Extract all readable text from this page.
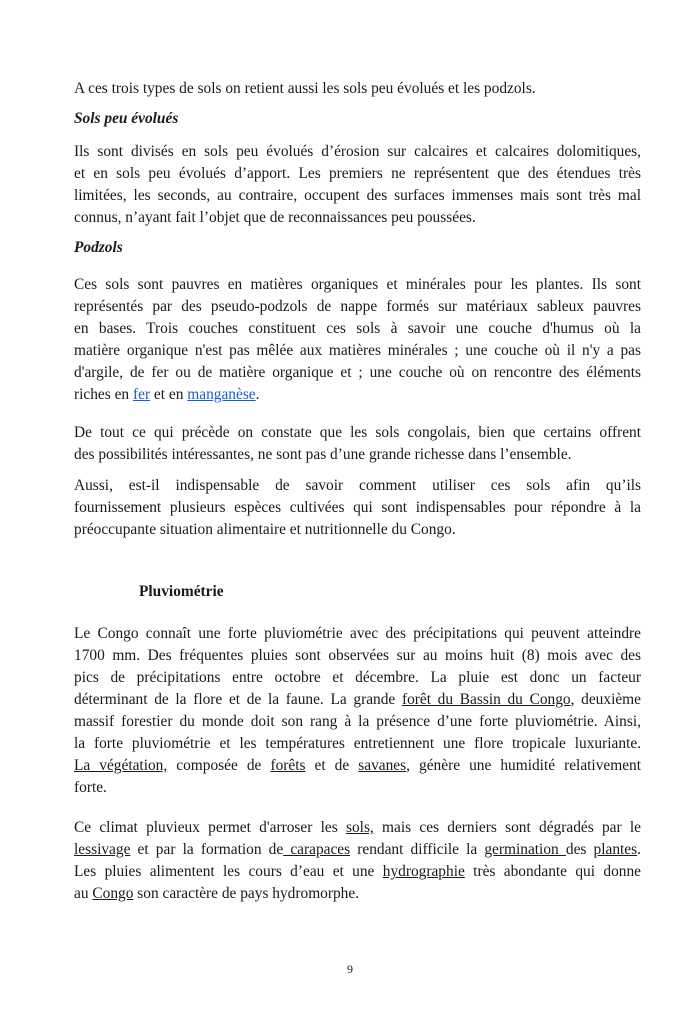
A ces trois types de sols on retient aussi les sols peu évolués et les podzols.

Sols peu évolués

Ils sont divisés en sols peu évolués d’érosion sur calcaires et calcaires dolomitiques,
et en sols peu évolués d’apport. Les premiers ne représentent que des étendues très
limitées, les seconds, au contraire, occupent des surfaces immenses mais sont très mal
connus, n’ayant fait l’objet que de reconnaissances peu poussées.

Podzols

Ces sols sont pauvres en matières organiques et minérales pour les plantes. Ils sont
représentés par des pseudo-podzols de nappe formés sur matériaux sableux pauvres
en bases. Trois couches constituent ces sols à savoir une couche d'humus où la
matière organique n'est pas mêlée aux matières minérales ; une couche où il n'y a pas
d'argile, de fer ou de matière organique et ; une couche où on rencontre des éléments
riches en fer et en manganèse.

De tout ce qui précède on constate que les sols congolais, bien que certains offrent
des possibilités intéressantes, ne sont pas d’une grande richesse dans l’ensemble.

Aussi, est-il indispensable de savoir comment utiliser ces sols afin qu’ils
fournissement plusieurs espèces cultivées qui sont indispensables pour répondre à la
préoccupante situation alimentaire et nutritionnelle du Congo.

Pluviométrie

Le Congo connaît une forte pluviométrie avec des précipitations qui peuvent atteindre
1700 mm. Des fréquentes pluies sont observées sur au moins huit (8) mois avec des
pics de précipitations entre octobre et décembre. La pluie est donc un facteur
déterminant de la flore et de la faune. La grande forêt du Bassin du Congo, deuxième
massif forestier du monde doit son rang à la présence d’une forte pluviométrie. Ainsi,
la forte pluviométrie et les températures entretiennent une flore tropicale luxuriante.
La végétation, composée de forêts et de savanes, génère une humidité relativement
forte.

Ce climat pluvieux permet d'arroser les sols, mais ces derniers sont dégradés par le
lessivage et par la formation de carapaces rendant difficile la germination des plantes.
Les pluies alimentent les cours d’eau et une hydrographie très abondante qui donne
au Congo son caractère de pays hydromorphe.

9
